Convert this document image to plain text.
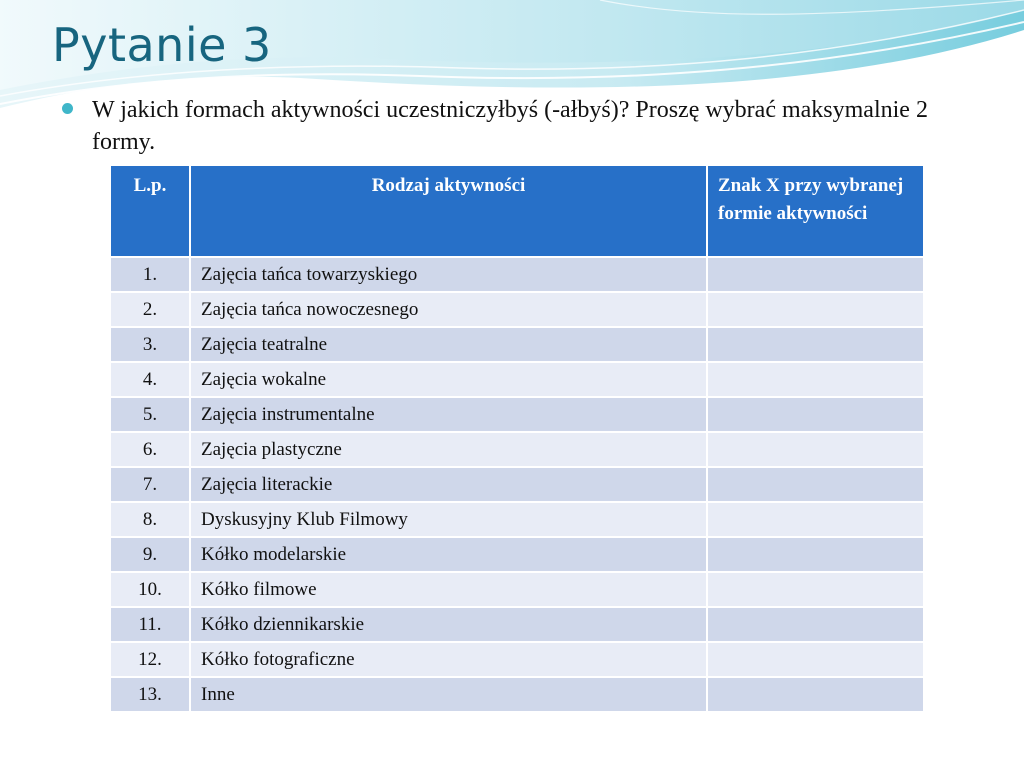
Pytanie 3

W jakich formach aktywności uczestniczyłbyś (-ałbyś)? Proszę wybrać maksymalnie 2 formy.

L.p.	Rodzaj aktywności	Znak X przy wybranej formie aktywności
1.	Zajęcia tańca towarzyskiego	
2.	Zajęcia tańca nowoczesnego	
3.	Zajęcia teatralne	
4.	Zajęcia wokalne	
5.	Zajęcia instrumentalne	
6.	Zajęcia plastyczne	
7.	Zajęcia literackie	
8.	Dyskusyjny Klub Filmowy	
9.	Kółko modelarskie	
10.	Kółko filmowe	
11.	Kółko dziennikarskie	
12.	Kółko fotograficzne	
13.	Inne	
